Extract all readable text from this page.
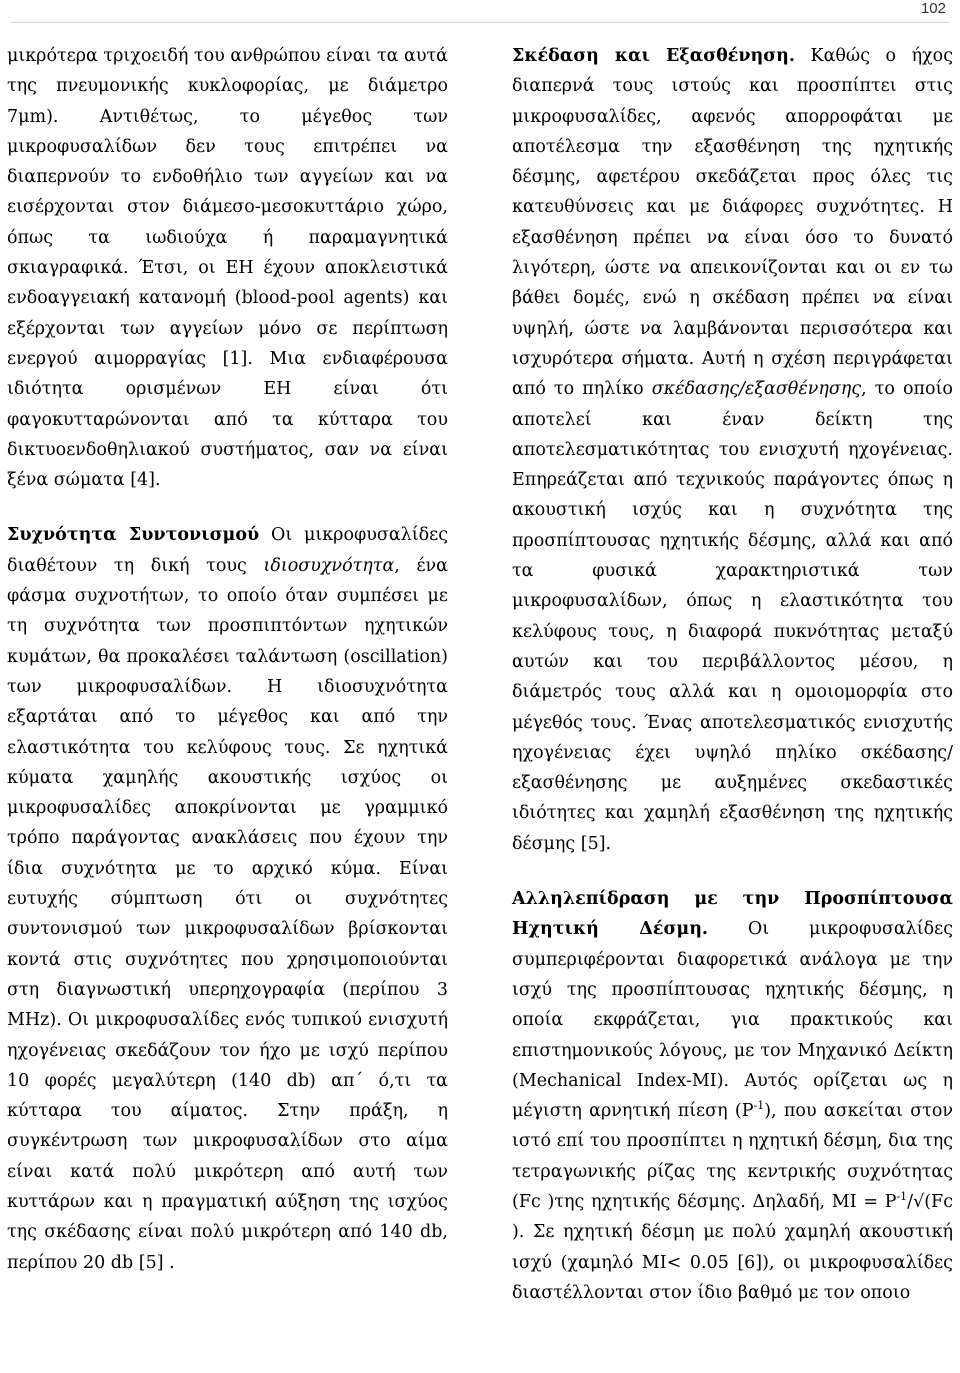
102

μικρότερα τριχοειδή του ανθρώπου είναι τα αυτά της πνευμονικής κυκλοφορίας, με διάμετρο 7μm). Αντιθέτως, το μέγεθος των μικροφυσαλίδων δεν τους επιτρέπει να διαπερνούν το ενδοθήλιο των αγγείων και να εισέρχονται στον διάμεσο-μεσοκυττάριο χώρο, όπως τα ιωδιούχα ή παραμαγνητικά σκιαγραφικά. Έτσι, οι ΕΗ έχουν αποκλειστικά ενδοαγγειακή κατανομή (blood-pool agents) και εξέρχονται των αγγείων μόνο σε περίπτωση ενεργού αιμορραγίας [1]. Μια ενδιαφέρουσα ιδιότητα ορισμένων ΕΗ είναι ότι φαγοκυτταρώνονται από τα κύτταρα του δικτυοενδοθηλιακού συστήματος, σαν να είναι ξένα σώματα [4].

Συχνότητα Συντονισμού Οι μικροφυσαλίδες διαθέτουν τη δική τους ιδιοσυχνότητα, ένα φάσμα συχνοτήτων, το οποίο όταν συμπέσει με τη συχνότητα των προσπιπτόντων ηχητικών κυμάτων, θα προκαλέσει ταλάντωση (oscillation) των μικροφυσαλίδων. Η ιδιοσυχνότητα εξαρτάται από το μέγεθος και από την ελαστικότητα του κελύφους τους. Σε ηχητικά κύματα χαμηλής ακουστικής ισχύος οι μικροφυσαλίδες αποκρίνονται με γραμμικό τρόπο παράγοντας ανακλάσεις που έχουν την ίδια συχνότητα με το αρχικό κύμα. Είναι ευτυχής σύμπτωση ότι οι συχνότητες συντονισμού των μικροφυσαλίδων βρίσκονται κοντά στις συχνότητες που χρησιμοποιούνται στη διαγνωστική υπερηχογραφία (περίπου 3 MHz). Οι μικροφυσαλίδες ενός τυπικού ενισχυτή ηχογένειας σκεδάζουν τον ήχο με ισχύ περίπου 10 φορές μεγαλύτερη (140 db) απ΄ ό,τι τα κύτταρα του αίματος. Στην πράξη, η συγκέντρωση των μικροφυσαλίδων στο αίμα είναι κατά πολύ μικρότερη από αυτή των κυττάρων και η πραγματική αύξηση της ισχύος της σκέδασης είναι πολύ μικρότερη από 140 db, περίπου 20 db [5] .

Σκέδαση και Εξασθένηση. Καθώς ο ήχος διαπερνά τους ιστούς και προσπίπτει στις μικροφυσαλίδες, αφενός απορροφάται με αποτέλεσμα την εξασθένηση της ηχητικής δέσμης, αφετέρου σκεδάζεται προς όλες τις κατευθύνσεις και με διάφορες συχνότητες. Η εξασθένηση πρέπει να είναι όσο το δυνατό λιγότερη, ώστε να απεικονίζονται και οι εν τω βάθει δομές, ενώ η σκέδαση πρέπει να είναι υψηλή, ώστε να λαμβάνονται περισσότερα και ισχυρότερα σήματα. Αυτή η σχέση περιγράφεται από το πηλίκο σκέδασης/εξασθένησης, το οποίο αποτελεί και έναν δείκτη της αποτελεσματικότητας του ενισχυτή ηχογένειας. Επηρεάζεται από τεχνικούς παράγοντες όπως η ακουστική ισχύς και η συχνότητα της προσπίπτουσας ηχητικής δέσμης, αλλά και από τα φυσικά χαρακτηριστικά των μικροφυσαλίδων, όπως η ελαστικότητα του κελύφους τους, η διαφορά πυκνότητας μεταξύ αυτών και του περιβάλλοντος μέσου, η διάμετρός τους αλλά και η ομοιομορφία στο μέγεθός τους. Ένας αποτελεσματικός ενισχυτής ηχογένειας έχει υψηλό πηλίκο σκέδασης/εξασθένησης με αυξημένες σκεδαστικές ιδιότητες και χαμηλή εξασθένηση της ηχητικής δέσμης [5].

Αλληλεπίδραση με την Προσπίπτουσα Ηχητική Δέσμη. Οι μικροφυσαλίδες συμπεριφέρονται διαφορετικά ανάλογα με την ισχύ της προσπίπτουσας ηχητικής δέσμης, η οποία εκφράζεται, για πρακτικούς και επιστημονικούς λόγους, με τον Μηχανικό Δείκτη (Mechanical Index-MI). Αυτός ορίζεται ως η μέγιστη αρνητική πίεση $(P^{-1})$, που ασκείται στον ιστό επί του προσπίπτει η ηχητική δέσμη, δια της τετραγωνικής ρίζας της κεντρικής συχνότητας (Fc )της ηχητικής δέσμης. Δηλαδή, MI = $P^{-1}/√(Fc$ ). Σε ηχητική δέσμη με πολύ χαμηλή ακουστική ισχύ (χαμηλό MI< 0.05 [6]), οι μικροφυσαλίδες διαστέλλονται στον ίδιο βαθμό με τον οποιο
